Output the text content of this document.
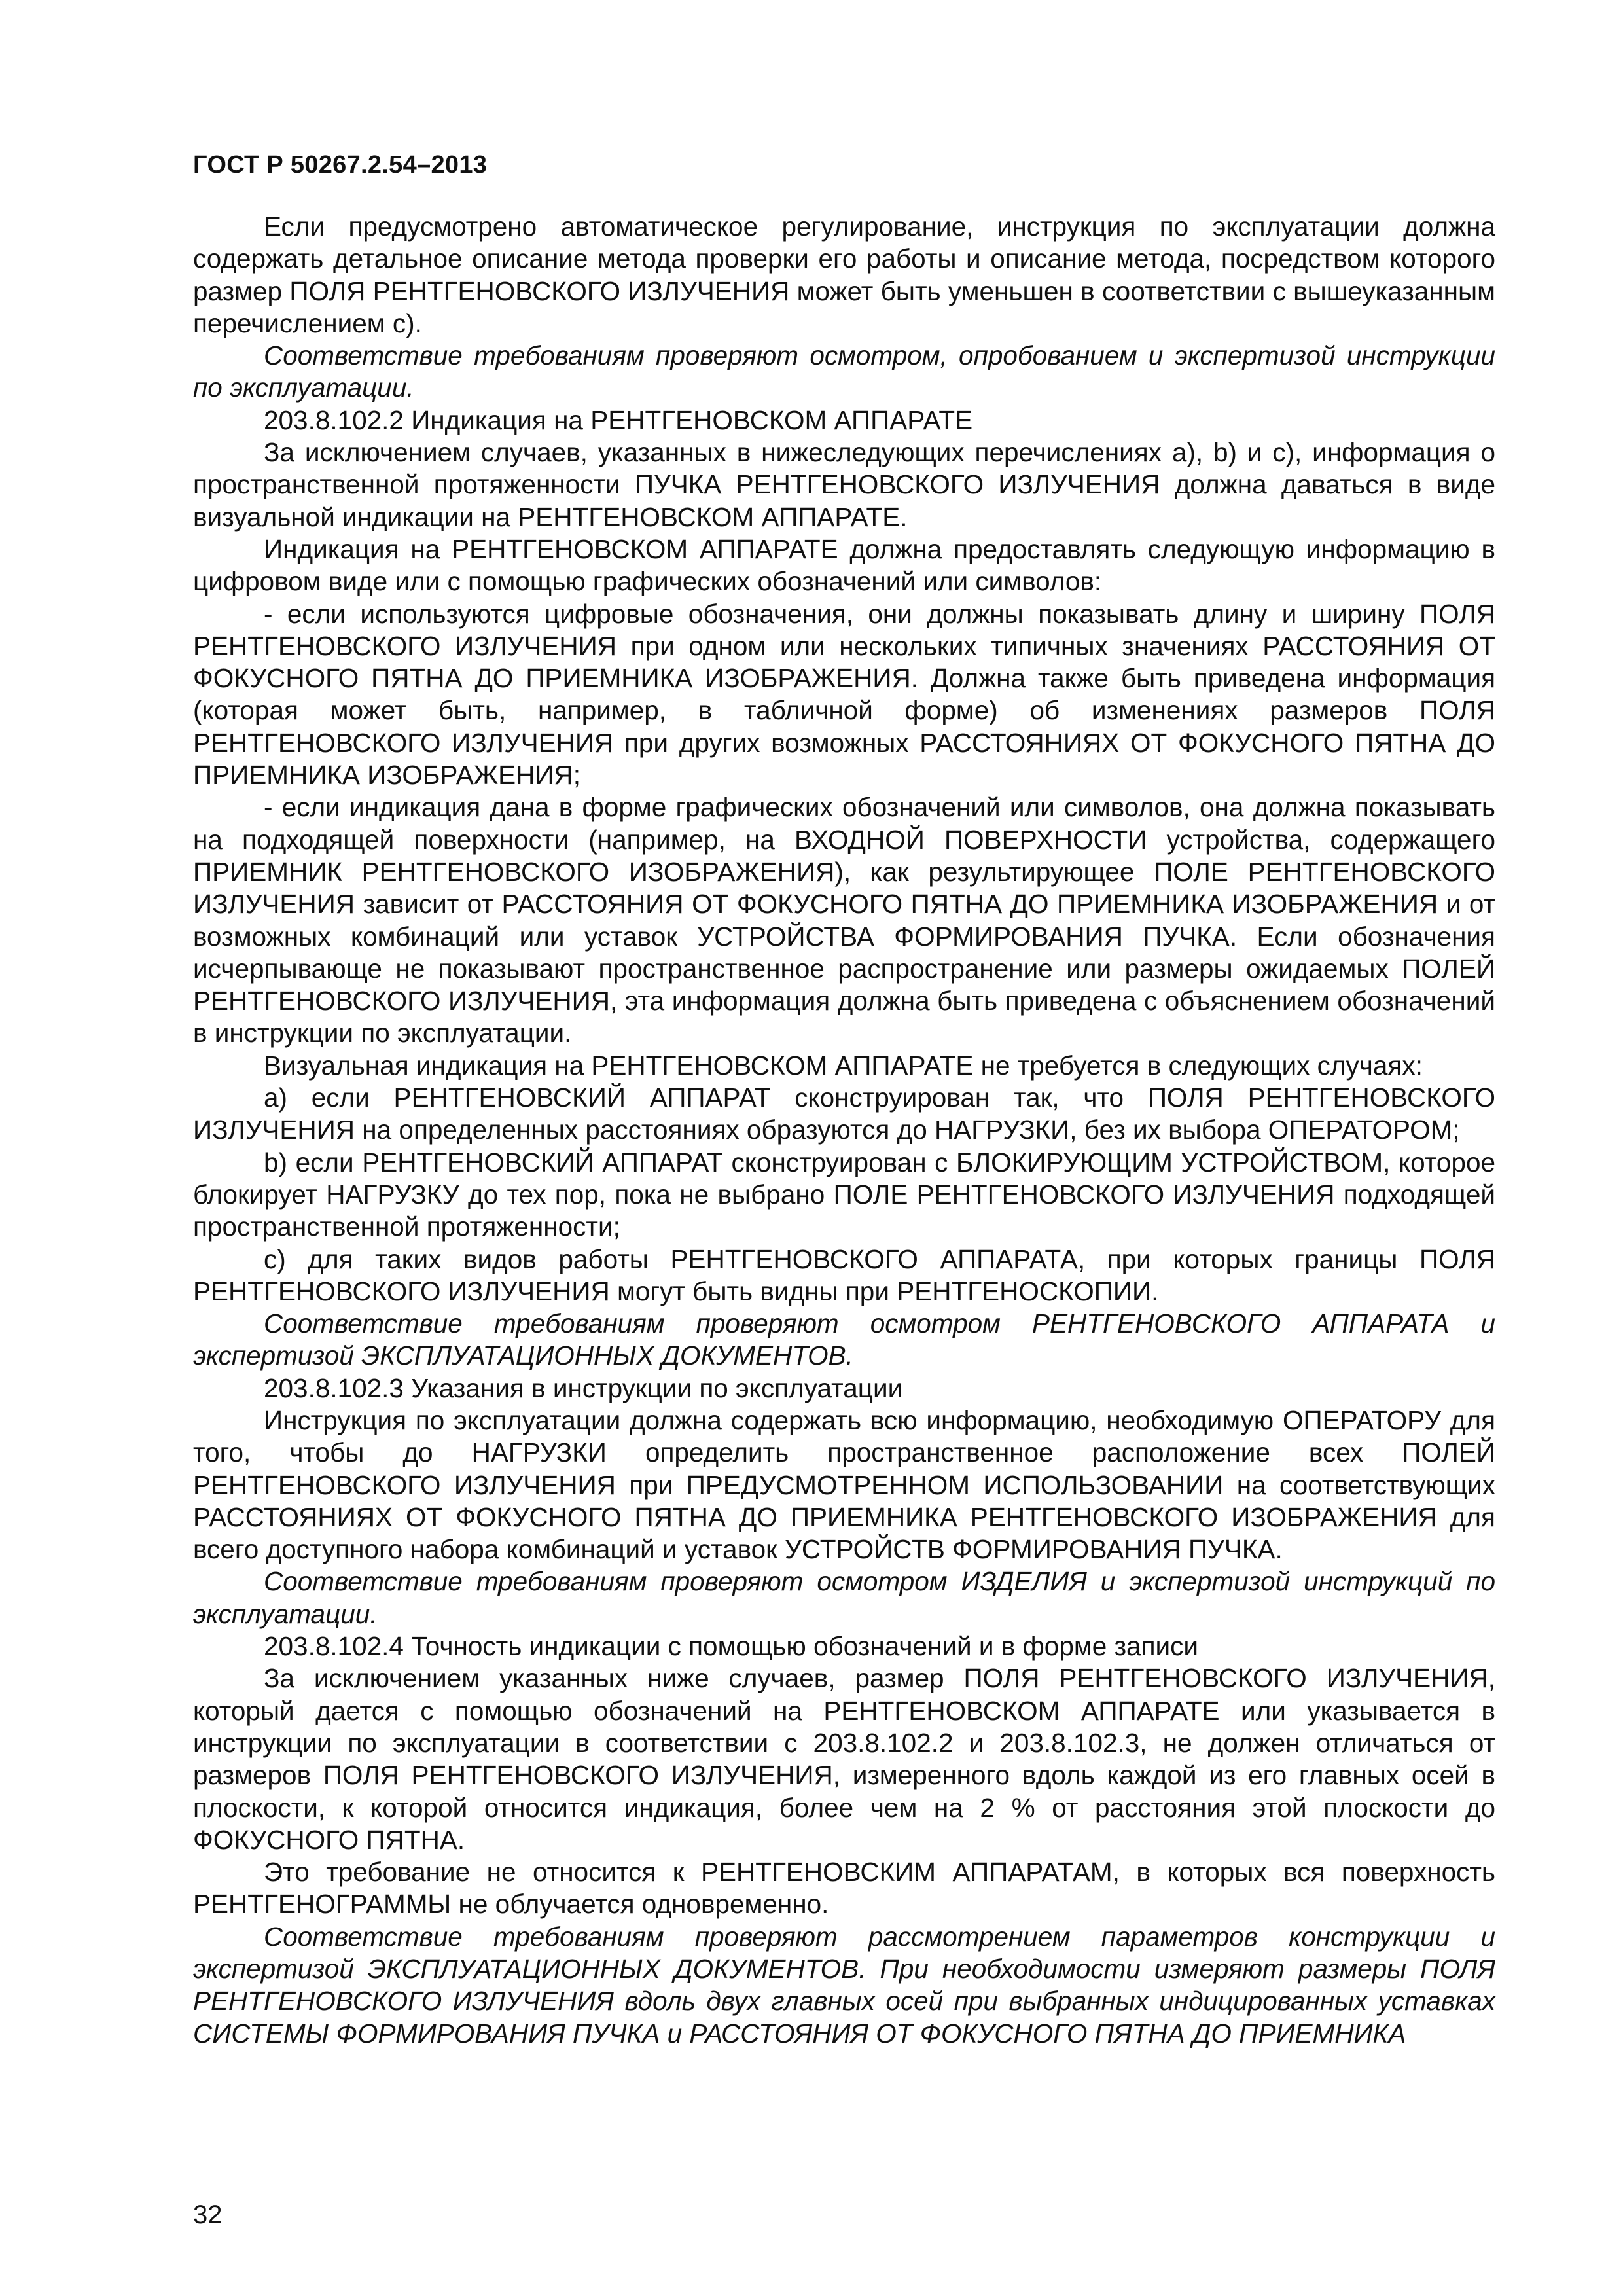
ГОСТ Р 50267.2.54–2013

Если предусмотрено автоматическое регулирование, инструкция по эксплуатации должна содержать детальное описание метода проверки его работы и описание метода, посредством которого размер ПОЛЯ РЕНТГЕНОВСКОГО ИЗЛУЧЕНИЯ может быть уменьшен в соответствии с вышеуказанным перечислением с).

Соответствие требованиям проверяют осмотром, опробованием и экспертизой инструкции по эксплуатации.

203.8.102.2 Индикация на РЕНТГЕНОВСКОМ АППАРАТЕ

За исключением случаев, указанных в нижеследующих перечислениях а), b) и с), информация о пространственной протяженности ПУЧКА РЕНТГЕНОВСКОГО ИЗЛУЧЕНИЯ должна даваться в виде визуальной индикации на РЕНТГЕНОВСКОМ АППАРАТЕ.

Индикация на РЕНТГЕНОВСКОМ АППАРАТЕ должна предоставлять следующую информацию в цифровом виде или с помощью графических обозначений или символов:

- если используются цифровые обозначения, они должны показывать длину и ширину ПОЛЯ РЕНТГЕНОВСКОГО ИЗЛУЧЕНИЯ при одном или нескольких типичных значениях РАССТОЯНИЯ ОТ ФОКУСНОГО ПЯТНА ДО ПРИЕМНИКА ИЗОБРАЖЕНИЯ. Должна также быть приведена информация (которая может быть, например, в табличной форме) об изменениях размеров ПОЛЯ РЕНТГЕНОВСКОГО ИЗЛУЧЕНИЯ при других возможных РАССТОЯНИЯХ ОТ ФОКУСНОГО ПЯТНА ДО ПРИЕМНИКА ИЗОБРАЖЕНИЯ;

- если индикация дана в форме графических обозначений или символов, она должна показывать на подходящей поверхности (например, на ВХОДНОЙ ПОВЕРХНОСТИ устройства, содержащего ПРИЕМНИК РЕНТГЕНОВСКОГО ИЗОБРАЖЕНИЯ), как результирующее ПОЛЕ РЕНТГЕНОВСКОГО ИЗЛУЧЕНИЯ зависит от РАССТОЯНИЯ ОТ ФОКУСНОГО ПЯТНА ДО ПРИЕМНИКА ИЗОБРАЖЕНИЯ и от возможных комбинаций или уставок УСТРОЙСТВА ФОРМИРОВАНИЯ ПУЧКА. Если обозначения исчерпывающе не показывают пространственное распространение или размеры ожидаемых ПОЛЕЙ РЕНТГЕНОВСКОГО ИЗЛУЧЕНИЯ, эта информация должна быть приведена с объяснением обозначений в инструкции по эксплуатации.

Визуальная индикация на РЕНТГЕНОВСКОМ АППАРАТЕ не требуется в следующих случаях:

а) если РЕНТГЕНОВСКИЙ АППАРАТ сконструирован так, что ПОЛЯ РЕНТГЕНОВСКОГО ИЗЛУЧЕНИЯ на определенных расстояниях образуются до НАГРУЗКИ, без их выбора ОПЕРАТОРОМ;

b) если РЕНТГЕНОВСКИЙ АППАРАТ сконструирован с БЛОКИРУЮЩИМ УСТРОЙСТВОМ, которое блокирует НАГРУЗКУ до тех пор, пока не выбрано ПОЛЕ РЕНТГЕНОВСКОГО ИЗЛУЧЕНИЯ подходящей пространственной протяженности;

с) для таких видов работы РЕНТГЕНОВСКОГО АППАРАТА, при которых границы ПОЛЯ РЕНТГЕНОВСКОГО ИЗЛУЧЕНИЯ могут быть видны при РЕНТГЕНОСКОПИИ.

Соответствие требованиям проверяют осмотром РЕНТГЕНОВСКОГО АППАРАТА и экспертизой ЭКСПЛУАТАЦИОННЫХ ДОКУМЕНТОВ.

203.8.102.3 Указания в инструкции по эксплуатации

Инструкция по эксплуатации должна содержать всю информацию, необходимую ОПЕРАТОРУ для того, чтобы до НАГРУЗКИ определить пространственное расположение всех ПОЛЕЙ РЕНТГЕНОВСКОГО ИЗЛУЧЕНИЯ при ПРЕДУСМОТРЕННОМ ИСПОЛЬЗОВАНИИ на соответствующих РАССТОЯНИЯХ ОТ ФОКУСНОГО ПЯТНА ДО ПРИЕМНИКА РЕНТГЕНОВСКОГО ИЗОБРАЖЕНИЯ для всего доступного набора комбинаций и уставок УСТРОЙСТВ ФОРМИРОВАНИЯ ПУЧКА.

Соответствие требованиям проверяют осмотром ИЗДЕЛИЯ и экспертизой инструкций по эксплуатации.

203.8.102.4 Точность индикации с помощью обозначений и в форме записи

За исключением указанных ниже случаев, размер ПОЛЯ РЕНТГЕНОВСКОГО ИЗЛУЧЕНИЯ, который дается с помощью обозначений на РЕНТГЕНОВСКОМ АППАРАТЕ или указывается в инструкции по эксплуатации в соответствии с 203.8.102.2 и 203.8.102.3, не должен отличаться от размеров ПОЛЯ РЕНТГЕНОВСКОГО ИЗЛУЧЕНИЯ, измеренного вдоль каждой из его главных осей в плоскости, к которой относится индикация, более чем на 2 % от расстояния этой плоскости до ФОКУСНОГО ПЯТНА.

Это требование не относится к РЕНТГЕНОВСКИМ АППАРАТАМ, в которых вся поверхность РЕНТГЕНОГРАММЫ не облучается одновременно.

Соответствие требованиям проверяют рассмотрением параметров конструкции и экспертизой ЭКСПЛУАТАЦИОННЫХ ДОКУМЕНТОВ. При необходимости измеряют размеры ПОЛЯ РЕНТГЕНОВСКОГО ИЗЛУЧЕНИЯ вдоль двух главных осей при выбранных индицированных уставках СИСТЕМЫ ФОРМИРОВАНИЯ ПУЧКА и РАССТОЯНИЯ ОТ ФОКУСНОГО ПЯТНА ДО ПРИЕМНИКА

32
